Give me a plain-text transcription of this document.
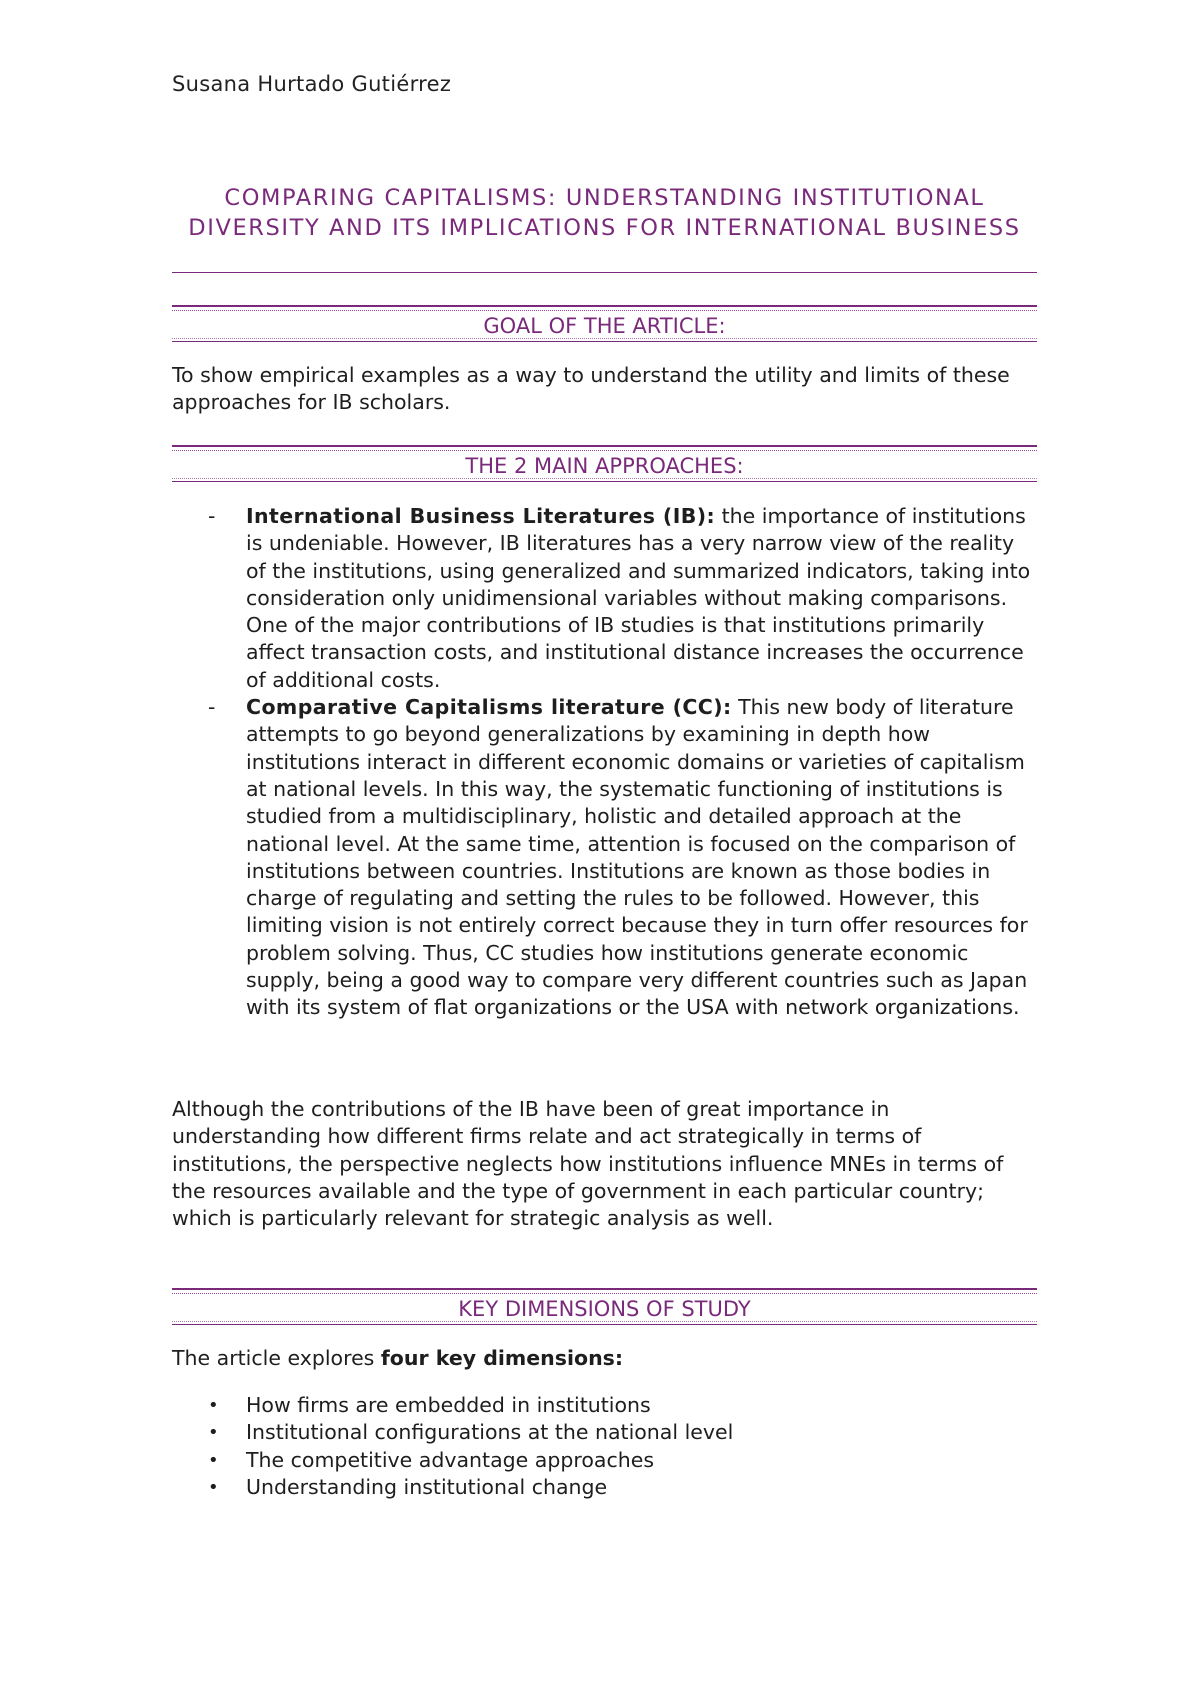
Susana Hurtado Gutiérrez
COMPARING CAPITALISMS: UNDERSTANDING INSTITUTIONAL DIVERSITY AND ITS IMPLICATIONS FOR INTERNATIONAL BUSINESS
GOAL OF THE ARTICLE:
To show empirical examples as a way to understand the utility and limits of these approaches for IB scholars.
THE 2 MAIN APPROACHES:
- International Business Literatures (IB): the importance of institutions is undeniable. However, IB literatures has a very narrow view of the reality of the institutions, using generalized and summarized indicators, taking into consideration only unidimensional variables without making comparisons. One of the major contributions of IB studies is that institutions primarily affect transaction costs, and institutional distance increases the occurrence of additional costs.
- Comparative Capitalisms literature (CC): This new body of literature attempts to go beyond generalizations by examining in depth how institutions interact in different economic domains or varieties of capitalism at national levels. In this way, the systematic functioning of institutions is studied from a multidisciplinary, holistic and detailed approach at the national level. At the same time, attention is focused on the comparison of institutions between countries. Institutions are known as those bodies in charge of regulating and setting the rules to be followed. However, this limiting vision is not entirely correct because they in turn offer resources for problem solving. Thus, CC studies how institutions generate economic supply, being a good way to compare very different countries such as Japan with its system of flat organizations or the USA with network organizations.
Although the contributions of the IB have been of great importance in understanding how different firms relate and act strategically in terms of institutions, the perspective neglects how institutions influence MNEs in terms of the resources available and the type of government in each particular country; which is particularly relevant for strategic analysis as well.
KEY DIMENSIONS OF STUDY
The article explores four key dimensions:
• How firms are embedded in institutions
• Institutional configurations at the national level
• The competitive advantage approaches
• Understanding institutional change
